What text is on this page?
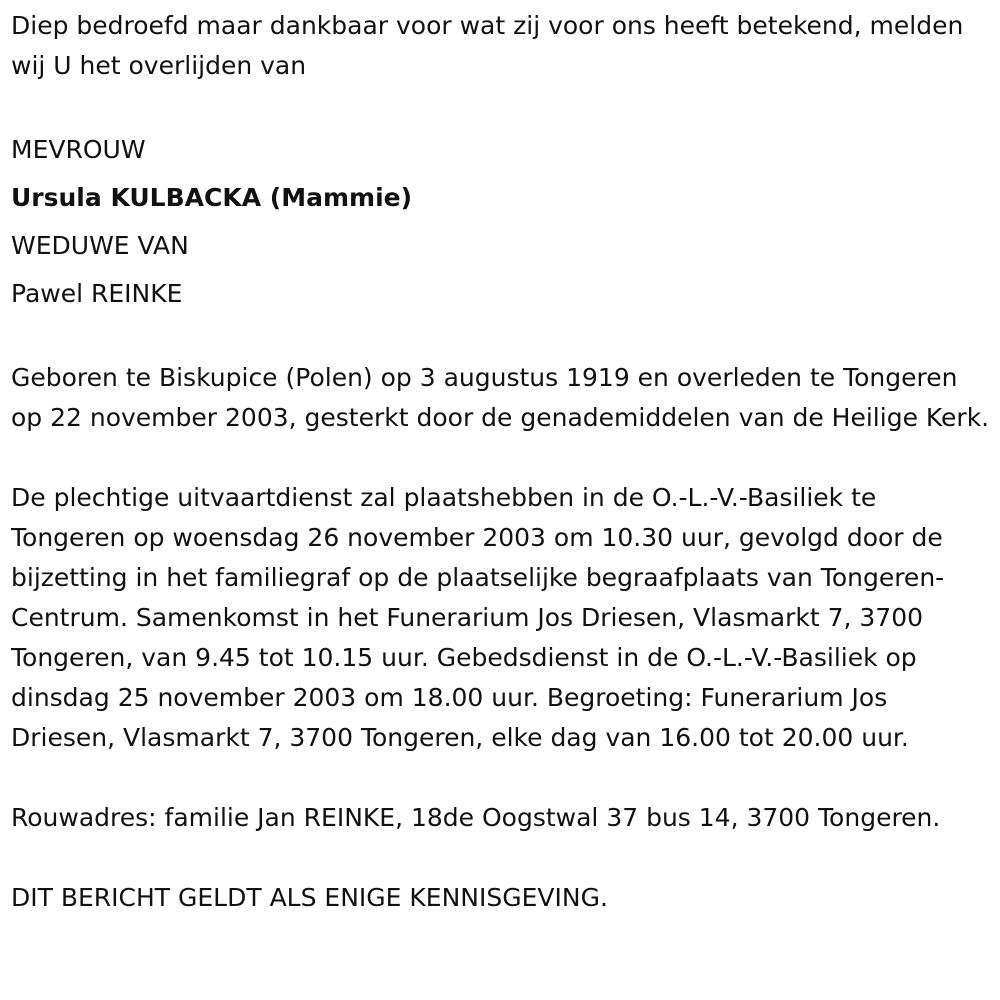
Diep bedroefd maar dankbaar voor wat zij voor ons heeft betekend, melden wij U het overlijden van

MEVROUW

Ursula KULBACKA (Mammie)

WEDUWE VAN

Pawel REINKE

Geboren te Biskupice (Polen) op 3 augustus 1919 en overleden te Tongeren op 22 november 2003, gesterkt door de genademiddelen van de Heilige Kerk.

De plechtige uitvaartdienst zal plaatshebben in de O.-L.-V.-Basiliek te Tongeren op woensdag 26 november 2003 om 10.30 uur, gevolgd door de bijzetting in het familiegraf op de plaatselijke begraafplaats van Tongeren-Centrum. Samenkomst in het Funerarium Jos Driesen, Vlasmarkt 7, 3700 Tongeren, van 9.45 tot 10.15 uur. Gebedsdienst in de O.-L.-V.-Basiliek op dinsdag 25 november 2003 om 18.00 uur. Begroeting: Funerarium Jos Driesen, Vlasmarkt 7, 3700 Tongeren, elke dag van 16.00 tot 20.00 uur.

Rouwadres: familie Jan REINKE, 18de Oogstwal 37 bus 14, 3700 Tongeren.

DIT BERICHT GELDT ALS ENIGE KENNISGEVING.
